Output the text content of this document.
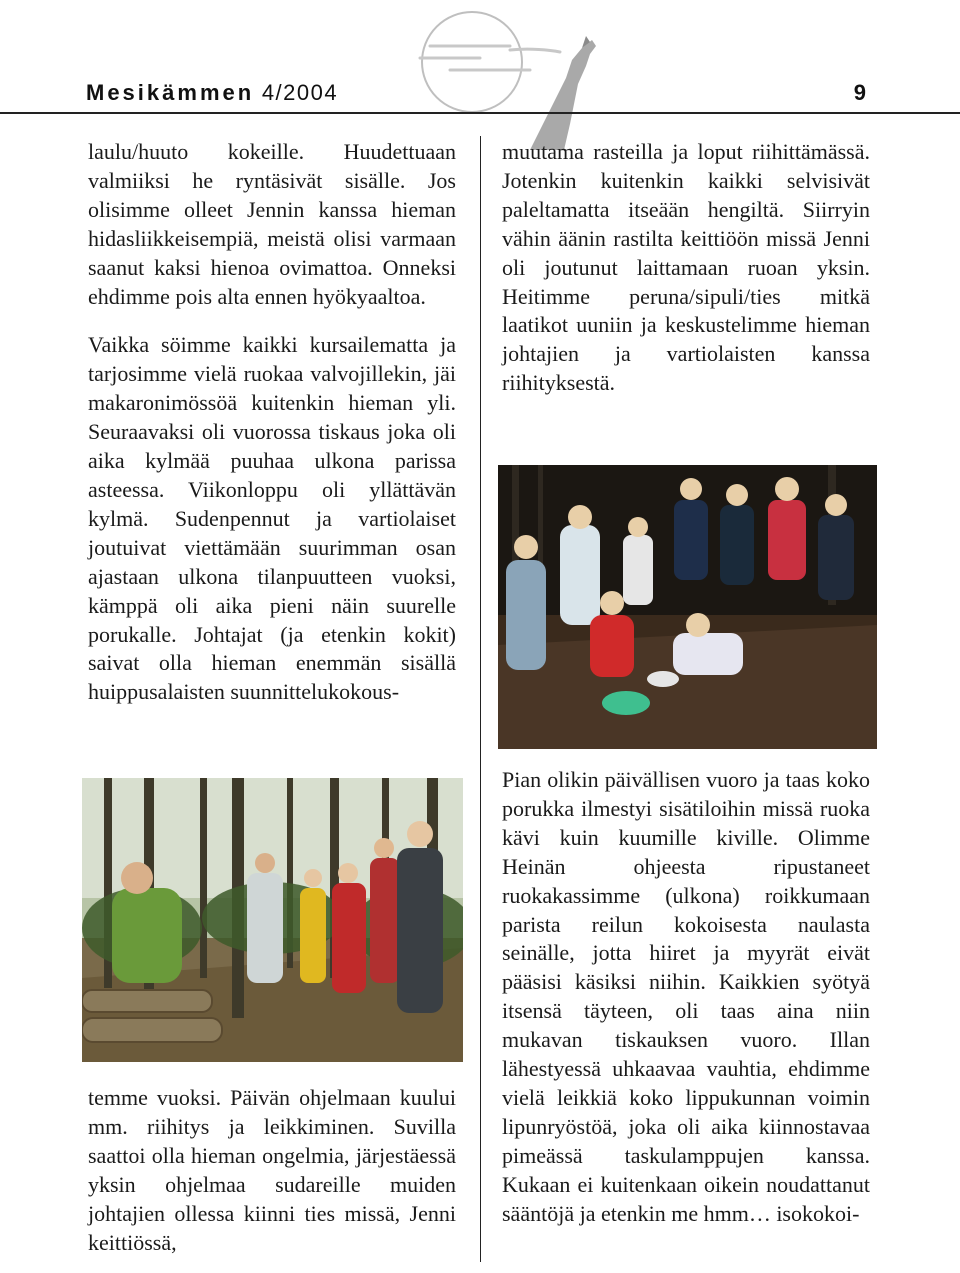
Mesikämmen 4/2004	9

laulu/huuto kokeille. Huudettuaan valmiiksi he ryntäsivät sisälle. Jos olisimme olleet Jennin kanssa hieman hidasliikkeisempiä, meistä olisi varmaan saanut kaksi hienoa ovimattoa. Onneksi ehdimme pois alta ennen hyökyaaltoa.

Vaikka söimme kaikki kursailematta ja tarjosimme vielä ruokaa valvojillekin, jäi makaronimössöä kuitenkin hieman yli. Seuraavaksi oli vuorossa tiskaus joka oli aika kylmää puuhaa ulkona parissa asteessa. Viikonloppu oli yllättävän kylmä. Sudenpennut ja vartiolaiset joutuivat viettämään suurimman osan ajastaan ulkona tilanpuutteen vuoksi, kämppä oli aika pieni näin suurelle porukalle. Johtajat (ja etenkin kokit) saivat olla hieman enemmän sisällä huippusalaisten suunnittelukokous-

temme vuoksi. Päivän ohjelmaan kuului mm. riihitys ja leikkiminen. Suvilla saattoi olla hieman ongelmia, järjestäessä yksin ohjelmaa sudareille muiden johtajien ollessa kiinni ties missä, Jenni keittiössä,

muutama rasteilla ja loput riihittämässä. Jotenkin kuitenkin kaikki selvisivät paleltamatta itseään hengiltä. Siirryin vähin äänin rastilta keittiöön missä Jenni oli joutunut laittamaan ruoan yksin. Heitimme peruna/sipuli/ties mitkä laatikot uuniin ja keskustelimme hieman johtajien ja vartiolaisten kanssa riihityksestä.

Pian olikin päivällisen vuoro ja taas koko porukka ilmestyi sisätiloihin missä ruoka kävi kuin kuumille kiville. Olimme Heinän ohjeesta ripustaneet ruokakassimme (ulkona) roikkumaan parista reilun kokoisesta naulasta seinälle, jotta hiiret ja myyrät eivät pääsisi käsiksi niihin. Kaikkien syötyä itsensä täyteen, oli taas aina niin mukavan tiskauksen vuoro. Illan lähestyessä uhkaavaa vauhtia, ehdimme vielä leikkiä koko lippukunnan voimin lipunryöstöä, joka oli aika kiinnostavaa pimeässä taskulamppujen kanssa. Kukaan ei kuitenkaan oikein noudattanut sääntöjä ja etenkin me hmm… isokokoi-
